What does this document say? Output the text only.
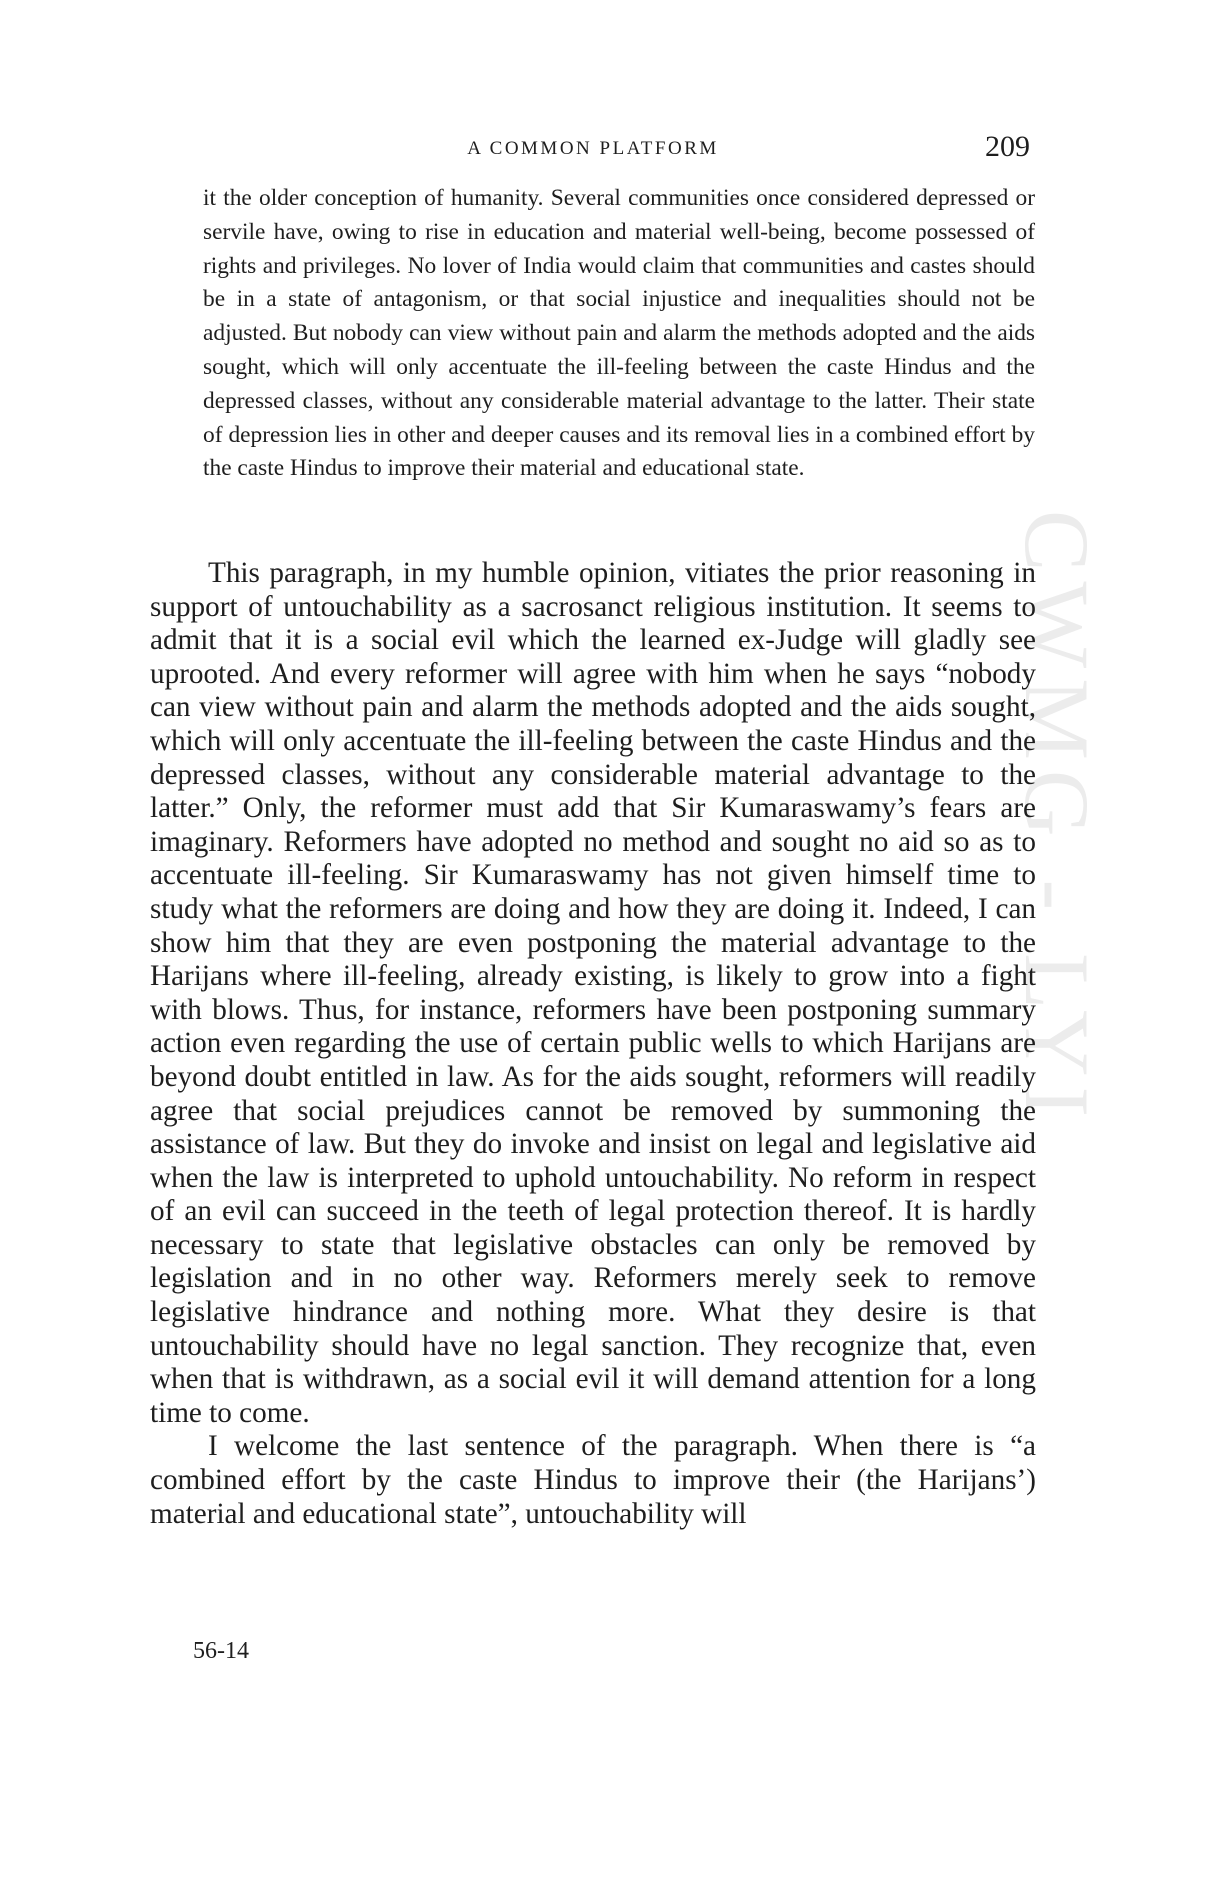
CWMG - LYI
A COMMON PLATFORM	209
it the older conception of humanity. Several communities once considered depressed or servile have, owing to rise in education and material well-being, become possessed of rights and privileges. No lover of India would claim that communities and castes should be in a state of antagonism, or that social injustice and inequalities should not be adjusted. But nobody can view without pain and alarm the methods adopted and the aids sought, which will only accentuate the ill-feeling between the caste Hindus and the depressed classes, without any considerable material advantage to the latter. Their state of depression lies in other and deeper causes and its removal lies in a combined effort by the caste Hindus to improve their material and educational state.

This paragraph, in my humble opinion, vitiates the prior reasoning in support of untouchability as a sacrosanct religious institution. It seems to admit that it is a social evil which the learned ex-Judge will gladly see uprooted. And every reformer will agree with him when he says “nobody can view without pain and alarm the methods adopted and the aids sought, which will only accentuate the ill-feeling between the caste Hindus and the depressed classes, without any considerable material advantage to the latter.” Only, the reformer must add that Sir Kumaraswamy’s fears are imaginary. Reformers have adopted no method and sought no aid so as to accentuate ill-feeling. Sir Kumaraswamy has not given himself time to study what the reformers are doing and how they are doing it. Indeed, I can show him that they are even postponing the material advantage to the Harijans where ill-feeling, already existing, is likely to grow into a fight with blows. Thus, for instance, reformers have been postponing summary action even regarding the use of certain public wells to which Harijans are beyond doubt entitled in law. As for the aids sought, reformers will readily agree that social prejudices cannot be removed by summoning the assistance of law. But they do invoke and insist on legal and legislative aid when the law is interpreted to uphold untouchability. No reform in respect of an evil can succeed in the teeth of legal protection thereof. It is hardly necessary to state that legislative obstacles can only be removed by legislation and in no other way. Reformers merely seek to remove legislative hindrance and nothing more. What they desire is that untouchability should have no legal sanction. They recognize that, even when that is withdrawn, as a social evil it will demand attention for a long time to come.

I welcome the last sentence of the paragraph. When there is “a combined effort by the caste Hindus to improve their (the Harijans’) material and educational state”, untouchability will

56-14
